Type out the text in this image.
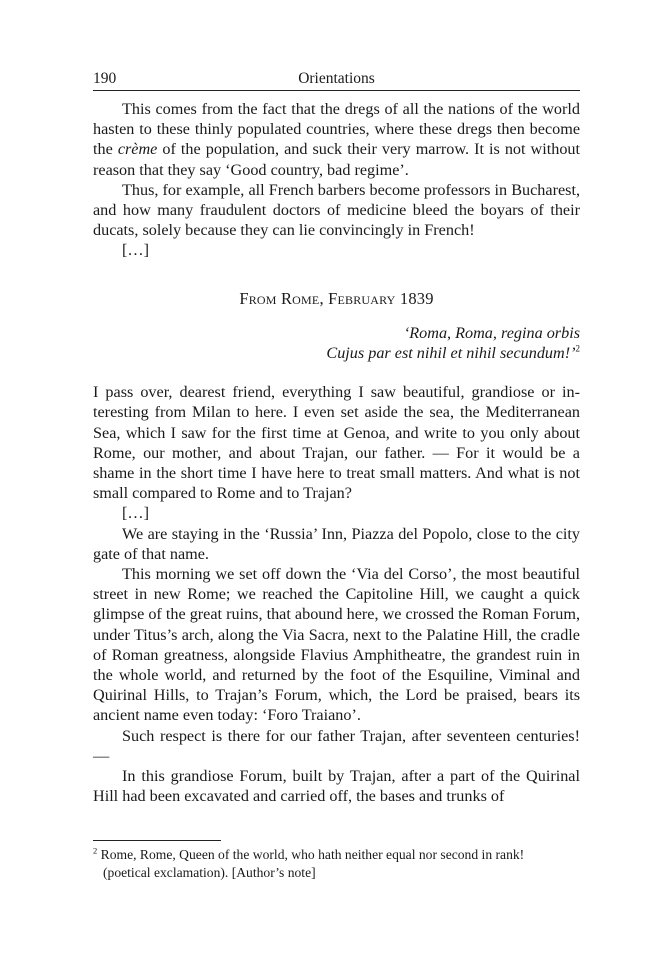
190	Orientations

This comes from the fact that the dregs of all the nations of the world hasten to these thinly populated countries, where these dregs then become the crème of the population, and suck their very marrow. It is not without reason that they say ‘Good country, bad regime’.

Thus, for example, all French barbers become professors in Bucharest, and how many fraudulent doctors of medicine bleed the boyars of their ducats, solely because they can lie convincingly in French!

[…]

From Rome, February 1839

‘Roma, Roma, regina orbis
Cujus par est nihil et nihil secundum!’$^2$

I pass over, dearest friend, everything I saw beautiful, grandiose or interesting from Milan to here. I even set aside the sea, the Mediterranean Sea, which I saw for the first time at Genoa, and write to you only about Rome, our mother, and about Trajan, our father. — For it would be a shame in the short time I have here to treat small matters. And what is not small compared to Rome and to Trajan?

[…]

We are staying in the ‘Russia’ Inn, Piazza del Popolo, close to the city gate of that name.

This morning we set off down the ‘Via del Corso’, the most beautiful street in new Rome; we reached the Capitoline Hill, we caught a quick glimpse of the great ruins, that abound here, we crossed the Roman Forum, under Titus’s arch, along the Via Sacra, next to the Palatine Hill, the cradle of Roman greatness, alongside Flavius Amphitheatre, the grandest ruin in the whole world, and returned by the foot of the Esquiline, Viminal and Quirinal Hills, to Trajan’s Forum, which, the Lord be praised, bears its ancient name even today: ‘Foro Traiano’.

Such respect is there for our father Trajan, after seventeen centuries! —

In this grandiose Forum, built by Trajan, after a part of the Quirinal Hill had been excavated and carried off, the bases and trunks of

$^2$ Rome, Rome, Queen of the world, who hath neither equal nor second in rank!

(poetical exclamation). [Author’s note]
